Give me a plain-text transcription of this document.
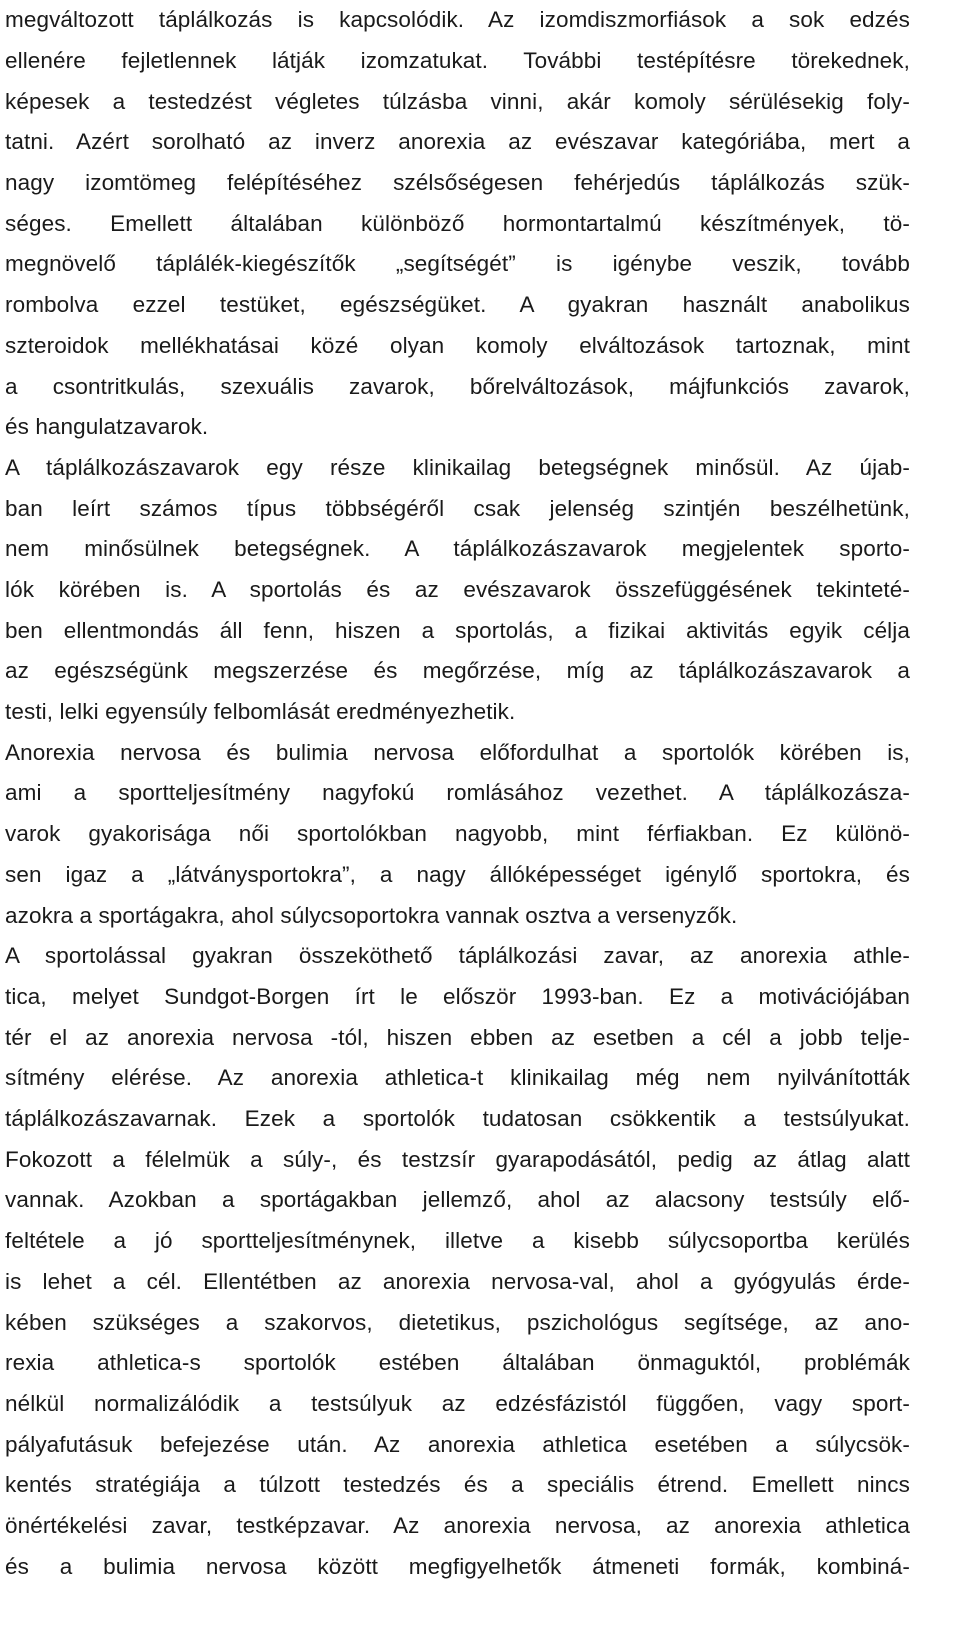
megváltozott táplálkozás is kapcsolódik. Az izomdiszmorfiások a sok edzés
ellenére fejletlennek látják izomzatukat. További testépítésre törekednek,
képesek a testedzést végletes túlzásba vinni, akár komoly sérülésekig foly-
tatni. Azért sorolható az inverz anorexia az evészavar kategóriába, mert a
nagy izomtömeg felépítéséhez szélsőségesen fehérjedús táplálkozás szük-
séges. Emellett általában különböző hormontartalmú készítmények, tö-
megnövelő táplálék-kiegészítők „segítségét” is igénybe veszik, tovább
rombolva ezzel testüket, egészségüket. A gyakran használt anabolikus
szteroidok mellékhatásai közé olyan komoly elváltozások tartoznak, mint
a csontritkulás, szexuális zavarok, bőrelváltozások, májfunkciós zavarok,
és hangulatzavarok.
A táplálkozászavarok egy része klinikailag betegségnek minősül. Az újab-
ban leírt számos típus többségéről csak jelenség szintjén beszélhetünk,
nem minősülnek betegségnek. A táplálkozászavarok megjelentek sporto-
lók körében is. A sportolás és az evészavarok összefüggésének tekinteté-
ben ellentmondás áll fenn, hiszen a sportolás, a fizikai aktivitás egyik célja
az egészségünk megszerzése és megőrzése, míg az táplálkozászavarok a
testi, lelki egyensúly felbomlását eredményezhetik.
Anorexia nervosa és bulimia nervosa előfordulhat a sportolók körében is,
ami a sportteljesítmény nagyfokú romlásához vezethet. A táplálkozásza-
varok gyakorisága női sportolókban nagyobb, mint férfiakban. Ez különö-
sen igaz a „látványsportokra”, a nagy állóképességet igénylő sportokra, és
azokra a sportágakra, ahol súlycsoportokra vannak osztva a versenyzők.
A sportolással gyakran összeköthető táplálkozási zavar, az anorexia athle-
tica, melyet Sundgot-Borgen írt le először 1993-ban. Ez a motivációjában
tér el az anorexia nervosa -tól, hiszen ebben az esetben a cél a jobb telje-
sítmény elérése. Az anorexia athletica-t klinikailag még nem nyilvánították
táplálkozászavarnak. Ezek a sportolók tudatosan csökkentik a testsúlyukat.
Fokozott a félelmük a súly-, és testzsír gyarapodásától, pedig az átlag alatt
vannak. Azokban a sportágakban jellemző, ahol az alacsony testsúly elő-
feltétele a jó sportteljesítménynek, illetve a kisebb súlycsoportba kerülés
is lehet a cél. Ellentétben az anorexia nervosa-val, ahol a gyógyulás érde-
kében szükséges a szakorvos, dietetikus, pszichológus segítsége, az ano-
rexia athletica-s sportolók estében általában önmaguktól, problémák
nélkül normalizálódik a testsúlyuk az edzésfázistól függően, vagy sport-
pályafutásuk befejezése után. Az anorexia athletica esetében a súlycsök-
kentés stratégiája a túlzott testedzés és a speciális étrend. Emellett nincs
önértékelési zavar, testképzavar. Az anorexia nervosa, az anorexia athletica
és a bulimia nervosa között megfigyelhetők átmeneti formák, kombiná-
